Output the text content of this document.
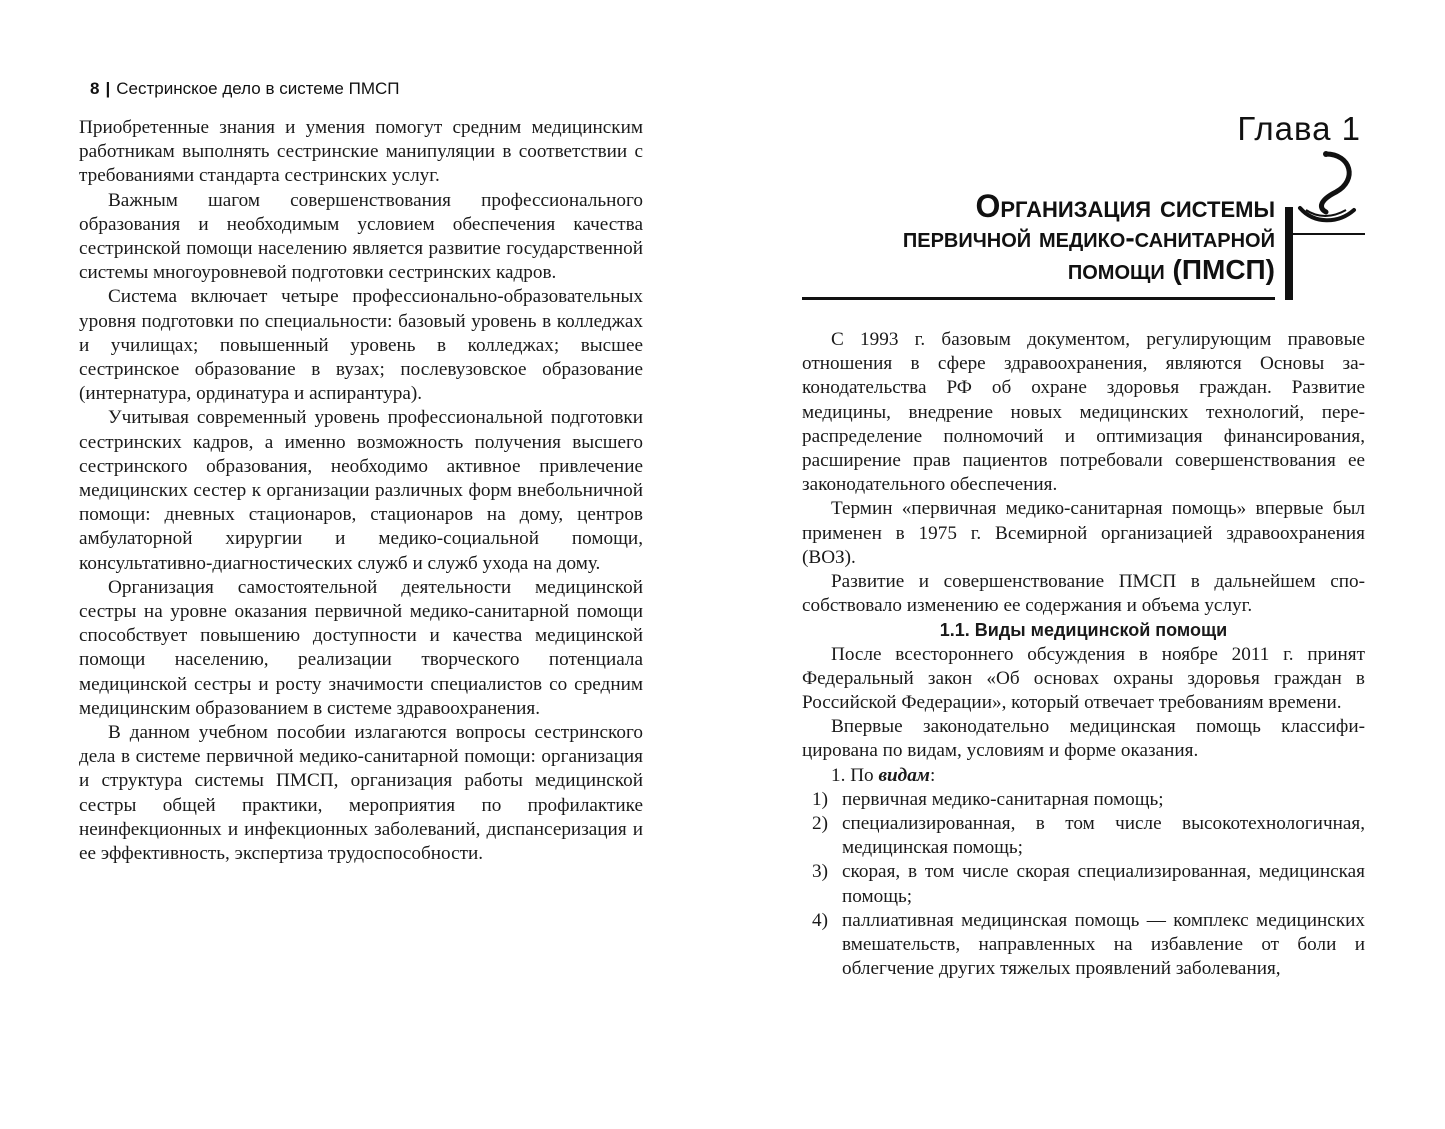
8 | Сестринское дело в системе ПМСП

Приобретенные знания и умения помогут средним медицинским работникам выполнять сестринские манипуляции в соответствии с требованиями стандарта сестринских услуг.

Важным шагом совершенствования профессионального образования и необходимым условием обеспечения качества сестринской помощи населению является развитие государственной системы многоуровневой подготовки сестринских кадров.

Система включает четыре профессионально-образовательных уровня подготовки по специальности: базовый уровень в колледжах и училищах; повышенный уровень в колледжах; высшее сестринское образование в вузах; послевузовское образование (интернатура, ординатура и аспирантура).

Учитывая современный уровень профессиональной подготовки сестринских кадров, а именно возможность получения высшего сестринского образования, необходимо активное привлечение медицинских сестер к организации различных форм внебольничной помощи: дневных стационаров, стационаров на дому, центров амбулаторной хирургии и медико-социальной помощи, консультативно-диагностических служб и служб ухода на дому.

Организация самостоятельной деятельности медицинской сестры на уровне оказания первичной медико-санитарной помощи способствует повышению доступности и качества медицинской помощи населению, реализации творческого потенциала медицинской сестры и росту значимости специалистов со средним медицинским образованием в системе здравоохранения.

В данном учебном пособии излагаются вопросы сестринского дела в системе первичной медико-санитарной помощи: организация и структура системы ПМСП, организация работы медицинской сестры общей практики, мероприятия по профилактике неинфекционных и инфекционных заболеваний, диспансеризация и ее эффективность, экспертиза трудоспособности.

Глава 1
Организация системы
первичной медико-санитарной
помощи (ПМСП)

С 1993 г. базовым документом, регулирующим правовые отношения в сфере здравоохранения, являются Основы законодательства РФ об охране здоровья граждан. Развитие медицины, внедрение новых медицинских технологий, перераспределение полномочий и оптимизация финансирования, расширение прав пациентов потребовали совершенствования ее законодательного обеспечения.

Термин «первичная медико-санитарная помощь» впервые был применен в 1975 г. Всемирной организацией здравоохранения (ВОЗ).

Развитие и совершенствование ПМСП в дальнейшем способствовало изменению ее содержания и объема услуг.

1.1. Виды медицинской помощи

После всестороннего обсуждения в ноябре 2011 г. принят Федеральный закон «Об основах охраны здоровья граждан в Российской Федерации», который отвечает требованиям времени.

Впервые законодательно медицинская помощь классифицирована по видам, условиям и форме оказания.

1. По видам:

1) первичная медико-санитарная помощь;
2) специализированная, в том числе высокотехнологичная, медицинская помощь;
3) скорая, в том числе скорая специализированная, медицинская помощь;
4) паллиативная медицинская помощь — комплекс медицинских вмешательств, направленных на избавление от боли и облегчение других тяжелых проявлений заболевания,
